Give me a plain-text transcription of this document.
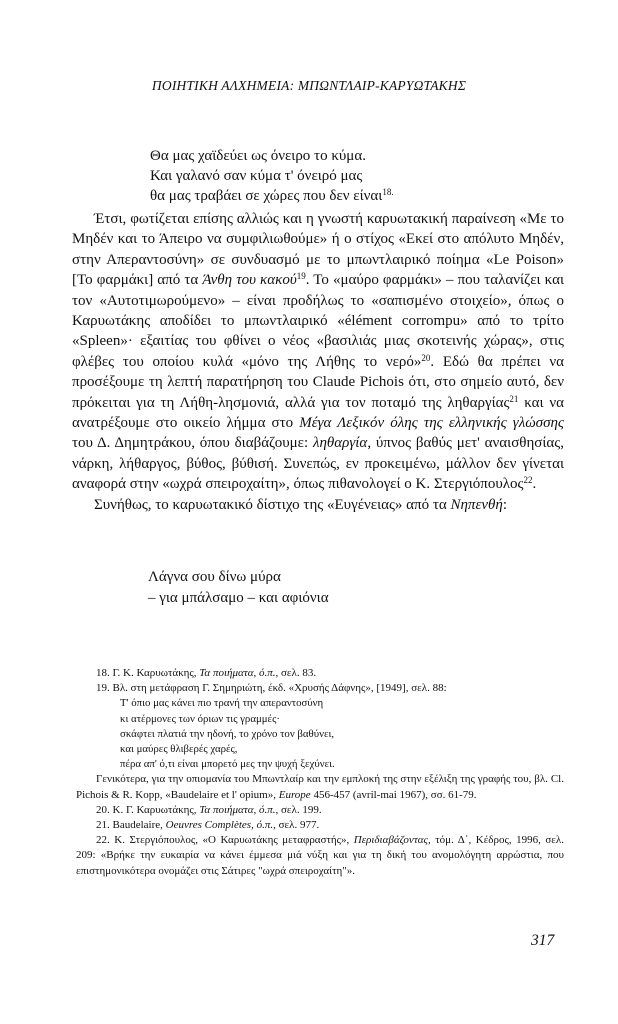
ΠΟΙΗΤΙΚΗ ΑΛΧΗΜΕΙΑ: ΜΠΩΝΤΛΑΙΡ-ΚΑΡΥΩΤΑΚΗΣ
Θα μας χαϊδεύει ως όνειρο το κύμα.
Και γαλανό σαν κύμα τ' όνειρό μας
θα μας τραβάει σε χώρες που δεν είναι$^{18.}$

Έτσι, φωτίζεται επίσης αλλιώς και η γνωστή καρυωτακική παραίνεση «Με το Μηδέν και το Άπειρο να συμφιλιωθούμε» ή ο στίχος «Εκεί στο απόλυτο Μηδέν, στην Απεραντοσύνη» σε συνδυασμό με το μπωντλαιρικό ποίημα «Le Poison» [Το φαρμάκι] από τα Άνθη του κακού$^{19}$. Το «μαύρο φαρμάκι» – που ταλανίζει και τον «Αυτοτιμωρούμενο» – είναι προδήλως το «σαπισμένο στοιχείο», όπως ο Καρυωτάκης αποδίδει το μπωντλαιρικό «élément corrompu» από το τρίτο «Spleen»· εξαιτίας του φθίνει ο νέος «βασιλιάς μιας σκοτεινής χώρας», στις φλέβες του οποίου κυλά «μόνο της Λήθης το νερό»$^{20}$. Εδώ θα πρέπει να προσέξουμε τη λεπτή παρατήρηση του Claude Pichois ότι, στο σημείο αυτό, δεν πρόκειται για τη Λήθη-λησμονιά, αλλά για τον ποταμό της ληθαργίας$^{21}$ και να ανατρέξουμε στο οικείο λήμμα στο Μέγα Λεξικόν όλης της ελληνικής γλώσσης του Δ. Δημητράκου, όπου διαβάζουμε: ληθαργία, ύπνος βαθύς μετ' αναισθησίας, νάρκη, λήθαργος, βύθος, βύθισή. Συνεπώς, εν προκειμένω, μάλλον δεν γίνεται αναφορά στην «ωχρά σπειροχαίτη», όπως πιθανολογεί ο Κ. Στεργιόπουλος$^{22}$.

Συνήθως, το καρυωτακικό δίστιχο της «Ευγένειας» από τα Νηπενθή:

Λάγνα σου δίνω μύρα
– για μπάλσαμο – και αφιόνια
18. Γ. Κ. Καρυωτάκης, Τα ποιήματα, ό.π., σελ. 83.
19. Βλ. στη μετάφραση Γ. Σημηριώτη, έκδ. «Χρυσής Δάφνης», [1949], σελ. 88:
Τ' όπιο μας κάνει πιο τρανή την απεραντοσύνη
κι ατέρμονες των όριων τις γραμμές·
σκάφτει πλατιά την ηδονή, το χρόνο τον βαθύνει,
και μαύρες θλιβερές χαρές,
πέρα απ' ό,τι είναι μπορετό μες την ψυχή ξεχύνει.
Γενικότερα, για την οπιομανία του Μπωντλαίρ και την εμπλοκή της στην εξέλιξη της γραφής του, βλ. Cl. Pichois & R. Kopp, «Baudelaire et l' opium», Europe 456-457 (avril-mai 1967), σσ. 61-79.
20. Κ. Γ. Καρυωτάκης, Τα ποιήματα, ό.π., σελ. 199.
21. Baudelaire, Oeuvres Complètes, ό.π., σελ. 977.
22. Κ. Στεργιόπουλος, «Ο Καρυωτάκης μεταφραστής», Περιδιαβάζοντας, τόμ. Δ΄, Κέδρος, 1996, σελ. 209: «Βρήκε την ευκαιρία να κάνει έμμεσα μιά νύξη και για τη δική του ανομολόγητη αρρώστια, που επιστημονικότερα ονομάζει στις Σάτιρες "ωχρά σπειροχαίτη"».
317
